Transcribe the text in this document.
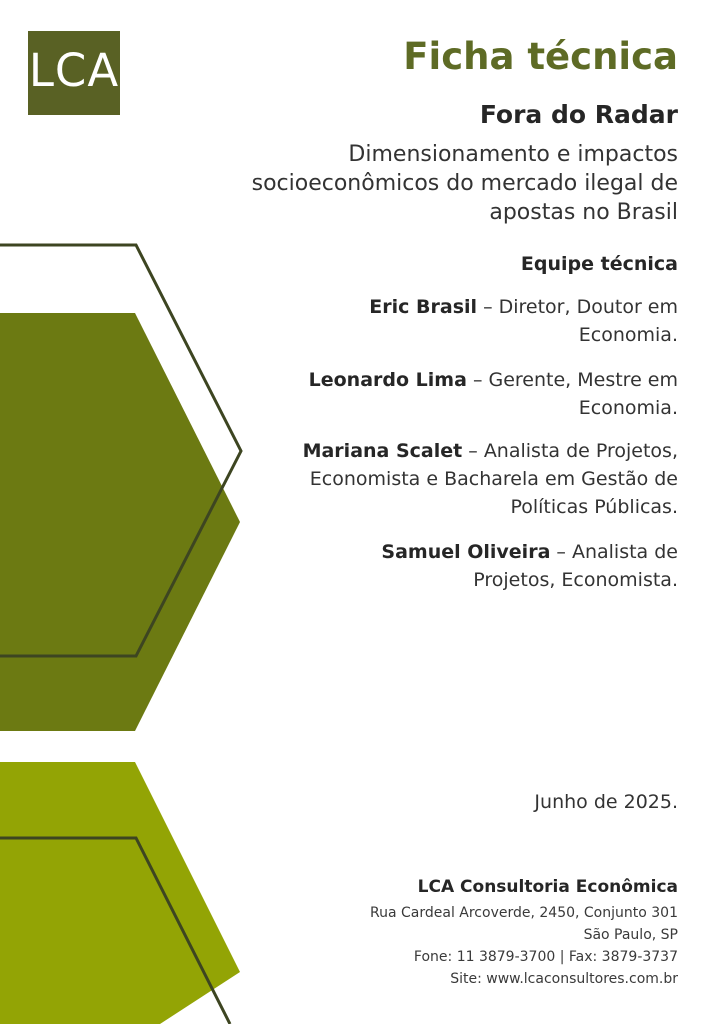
LCA	Ficha técnica
Fora do Radar
Dimensionamento e impactos socioeconômicos do mercado ilegal de apostas no Brasil
Equipe técnica
Eric Brasil – Diretor, Doutor em Economia.
Leonardo Lima – Gerente, Mestre em Economia.
Mariana Scalet – Analista de Projetos, Economista e Bacharela em Gestão de Políticas Públicas.
Samuel Oliveira – Analista de Projetos, Economista.
Junho de 2025.
LCA Consultoria Econômica
Rua Cardeal Arcoverde, 2450, Conjunto 301
São Paulo, SP
Fone: 11 3879-3700 | Fax: 3879-3737
Site: www.lcaconsultores.com.br
